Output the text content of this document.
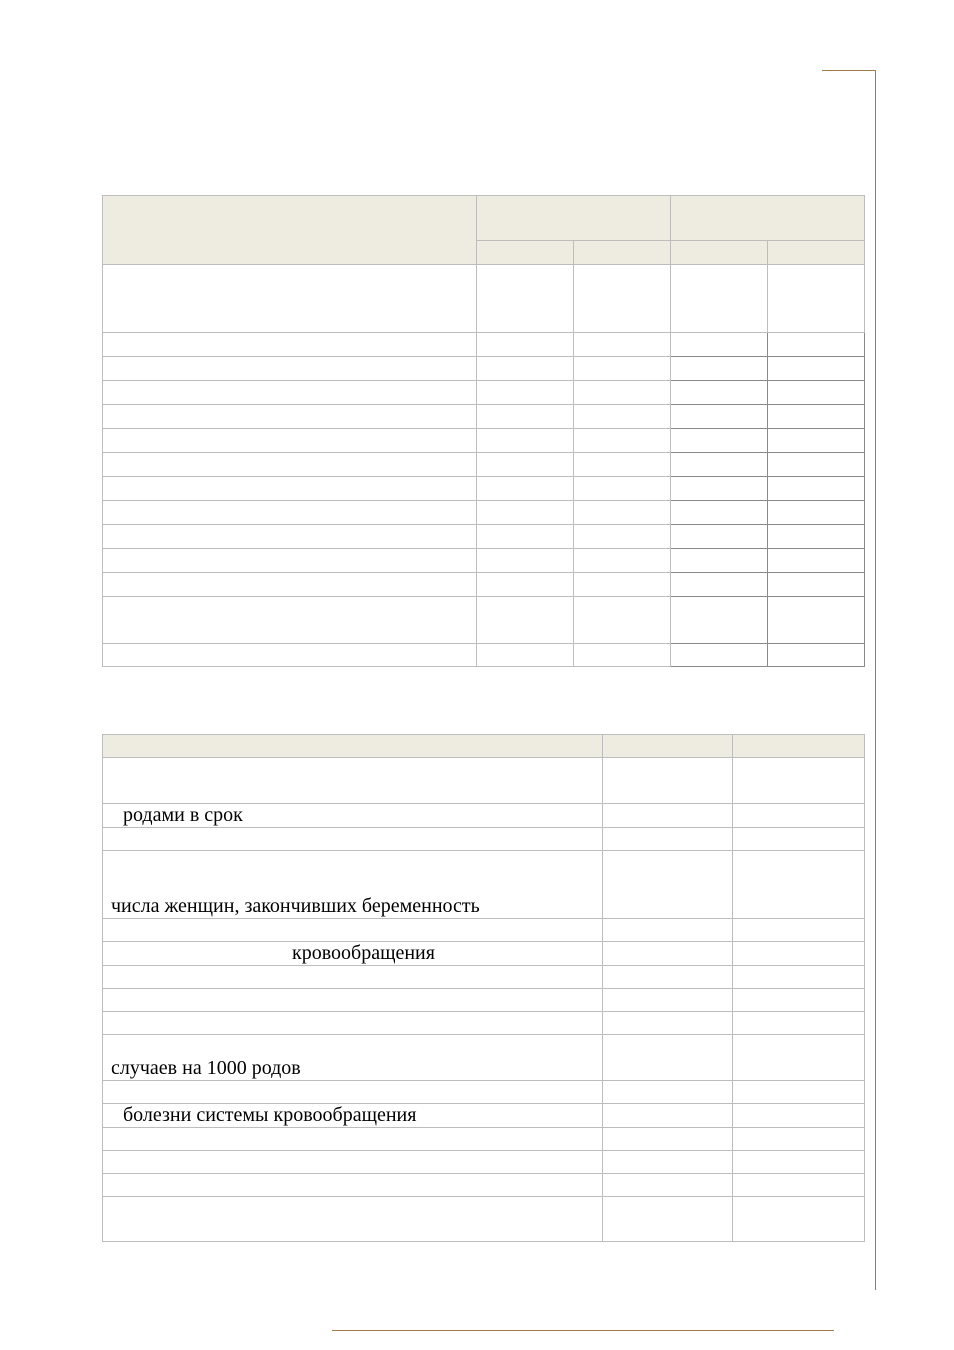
родами в срок		

числа женщин, закончивших беременность		

кровообращения		

случаев на 1000 родов		

болезни системы кровообращения		
